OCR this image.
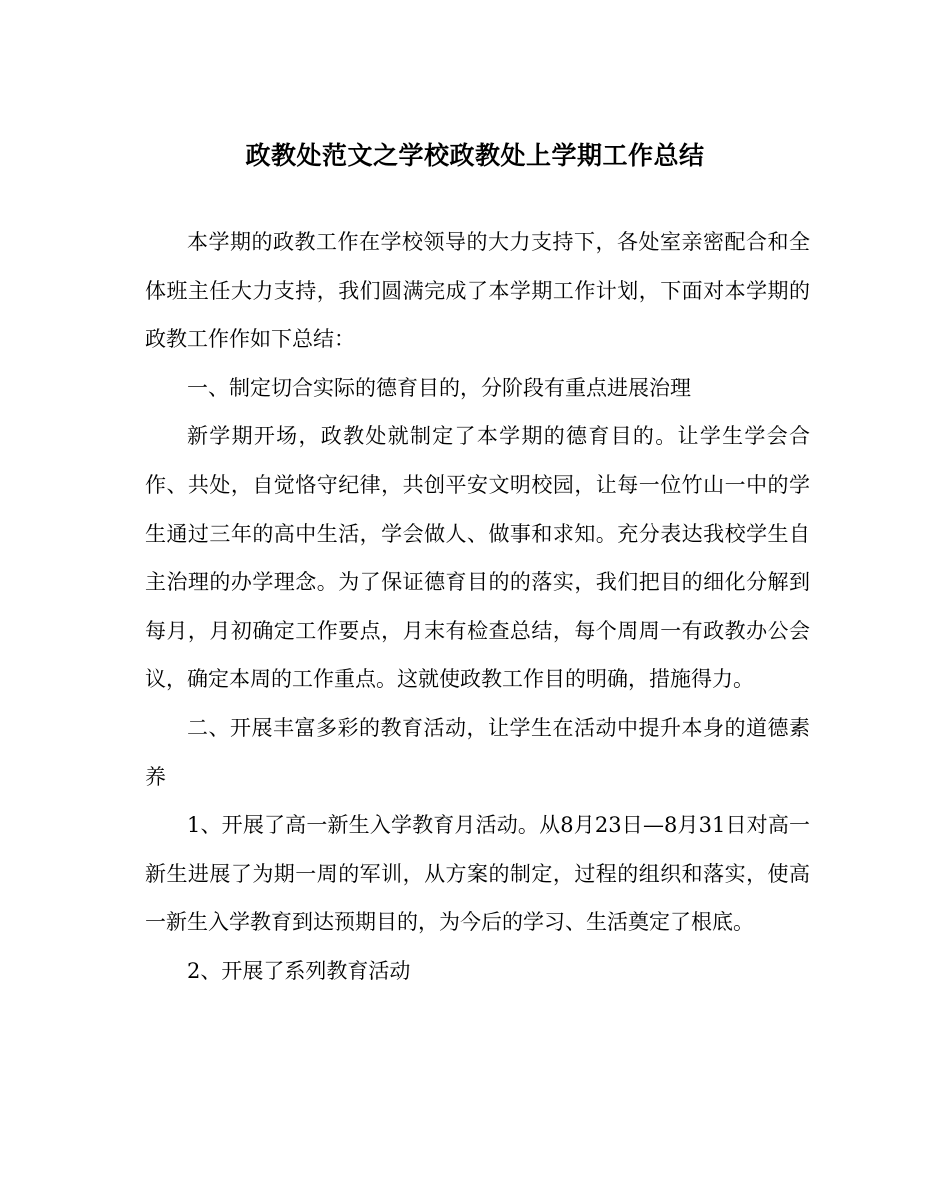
政教处范文之学校政教处上学期工作总结

本学期的政教工作在学校领导的大力支持下，各处室亲密配合和全体班主任大力支持，我们圆满完成了本学期工作计划，下面对本学期的政教工作作如下总结：

一、制定切合实际的德育目的，分阶段有重点进展治理

新学期开场，政教处就制定了本学期的德育目的。让学生学会合作、共处，自觉恪守纪律，共创平安文明校园，让每一位竹山一中的学生通过三年的高中生活，学会做人、做事和求知。充分表达我校学生自主治理的办学理念。为了保证德育目的的落实，我们把目的细化分解到每月，月初确定工作要点，月末有检查总结，每个周周一有政教办公会议，确定本周的工作重点。这就使政教工作目的明确，措施得力。

二、开展丰富多彩的教育活动，让学生在活动中提升本身的道德素养

1、开展了高一新生入学教育月活动。从8月23日—8月31日对高一新生进展了为期一周的军训，从方案的制定，过程的组织和落实，使高一新生入学教育到达预期目的，为今后的学习、生活奠定了根底。

2、开展了系列教育活动
